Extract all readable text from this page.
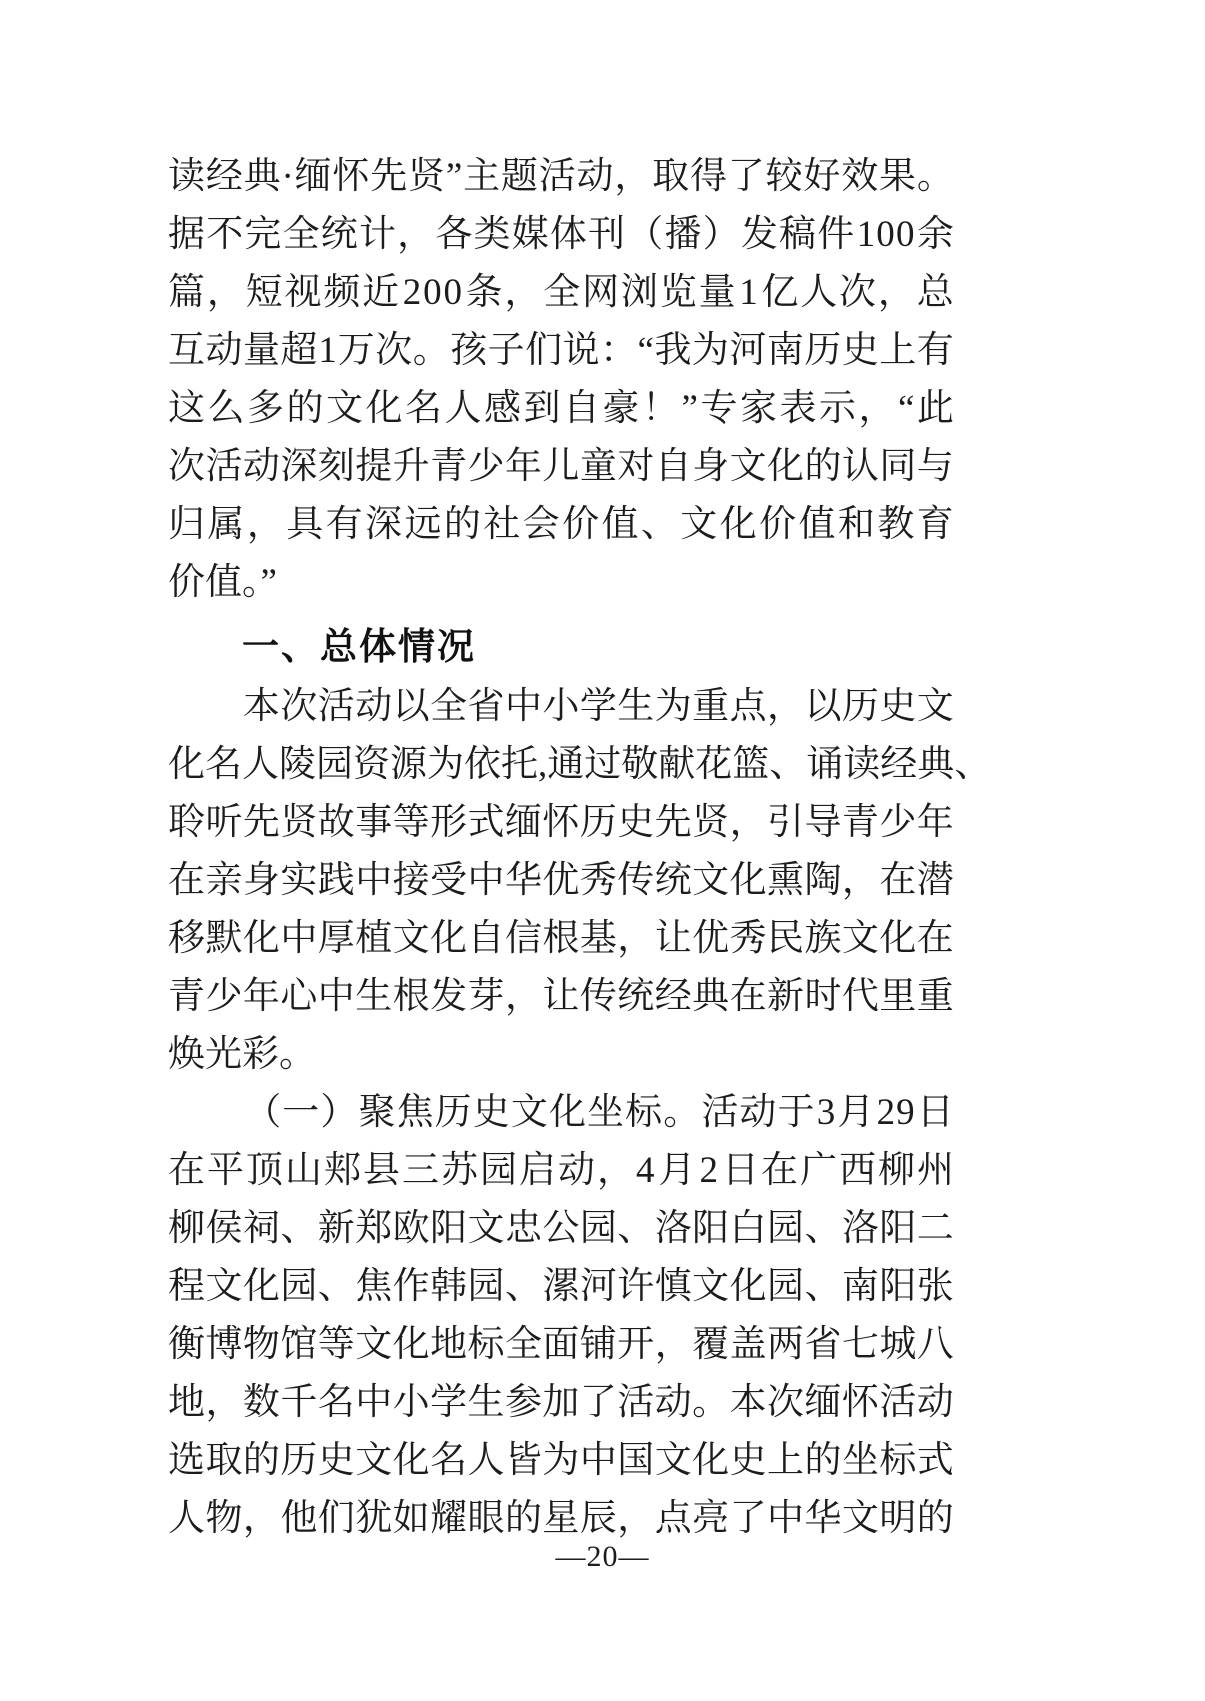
读 经 典 · 缅 怀 先 贤 ” 主 题 活 动 ， 取 得 了 较 好 效 果 。
据 不 完 全 统 计 ， 各 类 媒 体 刊 （ 播 ） 发 稿 件 1 0 0 余
篇 ， 短 视 频 近 2 0 0 条 ， 全 网 浏 览 量 1 亿 人 次 ， 总
互 动 量 超 1 万 次 。 孩 子 们 说 ： “ 我 为 河 南 历 史 上 有
这 么 多 的 文 化 名 人 感 到 自 豪 ！ ” 专 家 表 示 ， “ 此
次 活 动 深 刻 提 升 青 少 年 儿 童 对 自 身 文 化 的 认 同 与
归 属 ， 具 有 深 远 的 社 会 价 值 、 文 化 价 值 和 教 育
价值。”
一、总体情况

本 次 活 动 以 全 省 中 小 学 生 为 重 点 ， 以 历 史 文
化 名 人 陵 园 资 源 为 依 托 , 通 过 敬 献 花 篮 、 诵 读 经 典 、
聆 听 先 贤 故 事 等 形 式 缅 怀 历 史 先 贤 ， 引 导 青 少 年
在 亲 身 实 践 中 接 受 中 华 优 秀 传 统 文 化 熏 陶 ， 在 潜
移 默 化 中 厚 植 文 化 自 信 根 基 ， 让 优 秀 民 族 文 化 在
青 少 年 心 中 生 根 发 芽 ， 让 传 统 经 典 在 新 时 代 里 重
焕光彩。

（ 一 ） 聚 焦 历 史 文 化 坐 标 。 活 动 于 3 月 2 9 日
在 平 顶 山 郏 县 三 苏 园 启 动 ， 4 月 2 日 在 广 西 柳 州
柳 侯 祠 、 新 郑 欧 阳 文 忠 公 园 、 洛 阳 白 园 、 洛 阳 二
程 文 化 园 、 焦 作 韩 园 、 漯 河 许 慎 文 化 园 、 南 阳 张
衡 博 物 馆 等 文 化 地 标 全 面 铺 开 ， 覆 盖 两 省 七 城 八
地 ， 数 千 名 中 小 学 生 参 加 了 活 动 。 本 次 缅 怀 活 动
选 取 的 历 史 文 化 名 人 皆 为 中 国 文 化 史 上 的 坐 标 式
人 物 ， 他 们 犹 如 耀 眼 的 星 辰 ， 点 亮 了 中 华 文 明 的
—20—
